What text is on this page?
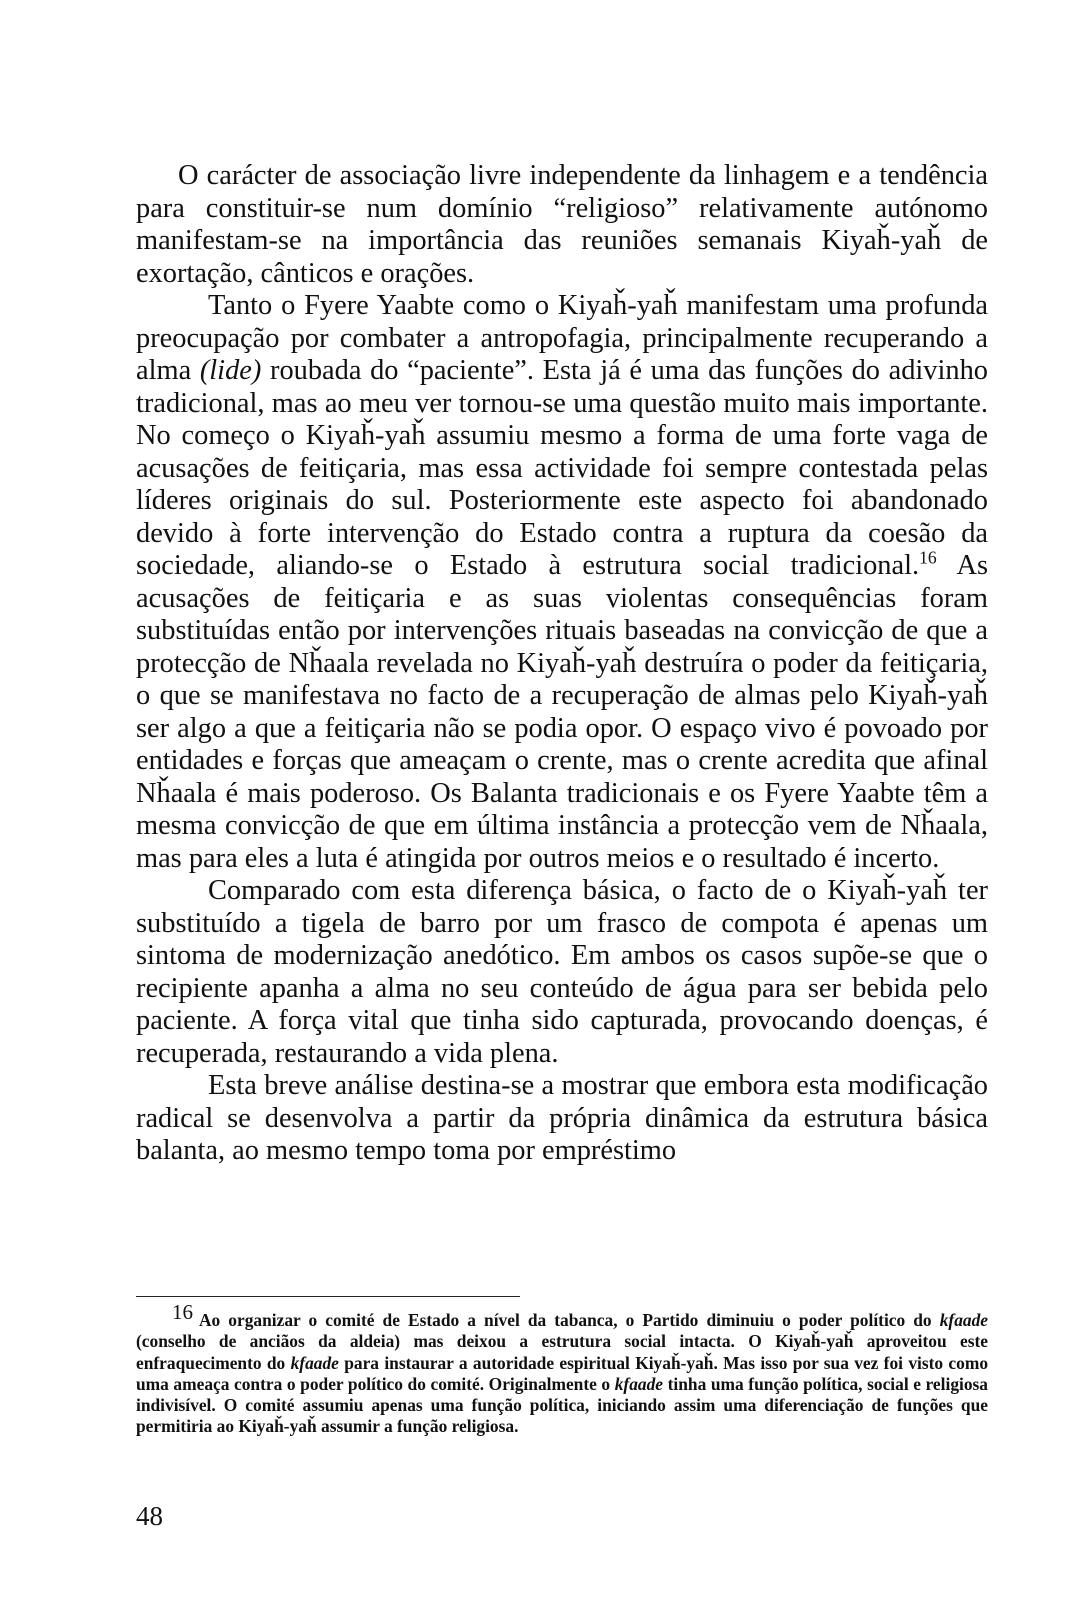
O carácter de associação livre independente da linhagem e a tendência para constituir-se num domínio “religioso” relativamente autónomo manifestam-se na importância das reuniões semanais Kiyaȟ-yaȟ de exortação, cânticos e orações.

Tanto o Fyere Yaabte como o Kiyaȟ-yaȟ manifestam uma profunda preocupação por combater a antropofagia, principalmente recuperando a alma (lide) roubada do “paciente”. Esta já é uma das funções do adivinho tradicional, mas ao meu ver tornou-se uma questão muito mais importante. No começo o Kiyaȟ-yaȟ assumiu mesmo a forma de uma forte vaga de acusações de feitiçaria, mas essa actividade foi sempre contestada pelas líderes originais do sul. Posteriormente este aspecto foi abandonado devido à forte intervenção do Estado contra a ruptura da coesão da sociedade, aliando-se o Estado à estrutura social tradicional.$^{16}$ As acusações de feitiçaria e as suas violentas consequências foram substituídas então por intervenções rituais baseadas na convicção de que a protecção de Nȟaala revelada no Kiyaȟ-yaȟ destruíra o poder da feitiçaria, o que se manifestava no facto de a recuperação de almas pelo Kiyaȟ-yaȟ ser algo a que a feitiçaria não se podia opor. O espaço vivo é povoado por entidades e forças que ameaçam o crente, mas o crente acredita que afinal Nȟaala é mais poderoso. Os Balanta tradicionais e os Fyere Yaabte têm a mesma convicção de que em última instância a protecção vem de Nȟaala, mas para eles a luta é atingida por outros meios e o resultado é incerto.

Comparado com esta diferença básica, o facto de o Kiyaȟ-yaȟ ter substituído a tigela de barro por um frasco de compota é apenas um sintoma de modernização anedótico. Em ambos os casos supõe-se que o recipiente apanha a alma no seu conteúdo de água para ser bebida pelo paciente. A força vital que tinha sido capturada, provocando doenças, é recuperada, restaurando a vida plena.

Esta breve análise destina-se a mostrar que embora esta modificação radical se desenvolva a partir da própria dinâmica da estrutura básica balanta, ao mesmo tempo toma por empréstimo

16 Ao organizar o comité de Estado a nível da tabanca, o Partido diminuiu o poder político do kfaade (conselho de anciãos da aldeia) mas deixou a estrutura social intacta. O Kiyaȟ-yaȟ aproveitou este enfraquecimento do kfaade para instaurar a autoridade espiritual Kiyaȟ-yaȟ. Mas isso por sua vez foi visto como uma ameaça contra o poder político do comité. Originalmente o kfaade tinha uma função política, social e religiosa indivisível. O comité assumiu apenas uma função política, iniciando assim uma diferenciação de funções que permitiria ao Kiyaȟ-yaȟ assumir a função religiosa.

48
